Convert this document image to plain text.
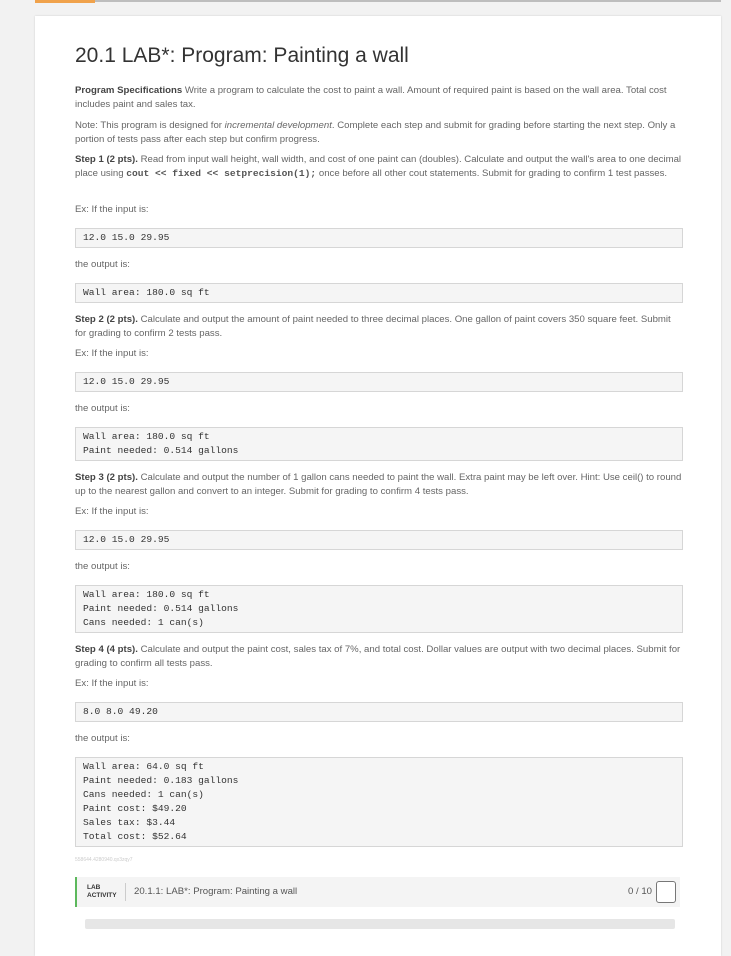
20.1 LAB*: Program: Painting a wall
Program Specifications Write a program to calculate the cost to paint a wall. Amount of required paint is based on the wall area. Total cost includes paint and sales tax.
Note: This program is designed for incremental development. Complete each step and submit for grading before starting the next step. Only a portion of tests pass after each step but confirm progress.
Step 1 (2 pts). Read from input wall height, wall width, and cost of one paint can (doubles). Calculate and output the wall's area to one decimal place using cout << fixed << setprecision(1); once before all other cout statements. Submit for grading to confirm 1 test passes.
Ex: If the input is:
12.0 15.0 29.95
the output is:
Wall area: 180.0 sq ft
Step 2 (2 pts). Calculate and output the amount of paint needed to three decimal places. One gallon of paint covers 350 square feet. Submit for grading to confirm 2 tests pass.
Ex: If the input is:
12.0 15.0 29.95
the output is:
Wall area: 180.0 sq ft
Paint needed: 0.514 gallons
Step 3 (2 pts). Calculate and output the number of 1 gallon cans needed to paint the wall. Extra paint may be left over. Hint: Use ceil() to round up to the nearest gallon and convert to an integer. Submit for grading to confirm 4 tests pass.
Ex: If the input is:
12.0 15.0 29.95
the output is:
Wall area: 180.0 sq ft
Paint needed: 0.514 gallons
Cans needed: 1 can(s)
Step 4 (4 pts). Calculate and output the paint cost, sales tax of 7%, and total cost. Dollar values are output with two decimal places. Submit for grading to confirm all tests pass.
Ex: If the input is:
8.0 8.0 49.20
the output is:
Wall area: 64.0 sq ft
Paint needed: 0.183 gallons
Cans needed: 1 can(s)
Paint cost: $49.20
Sales tax: $3.44
Total cost: $52.64
558644.4280940.qx3zqy7
LAB
ACTIVITY 20.1.1: LAB*: Program: Painting a wall	0 / 10
